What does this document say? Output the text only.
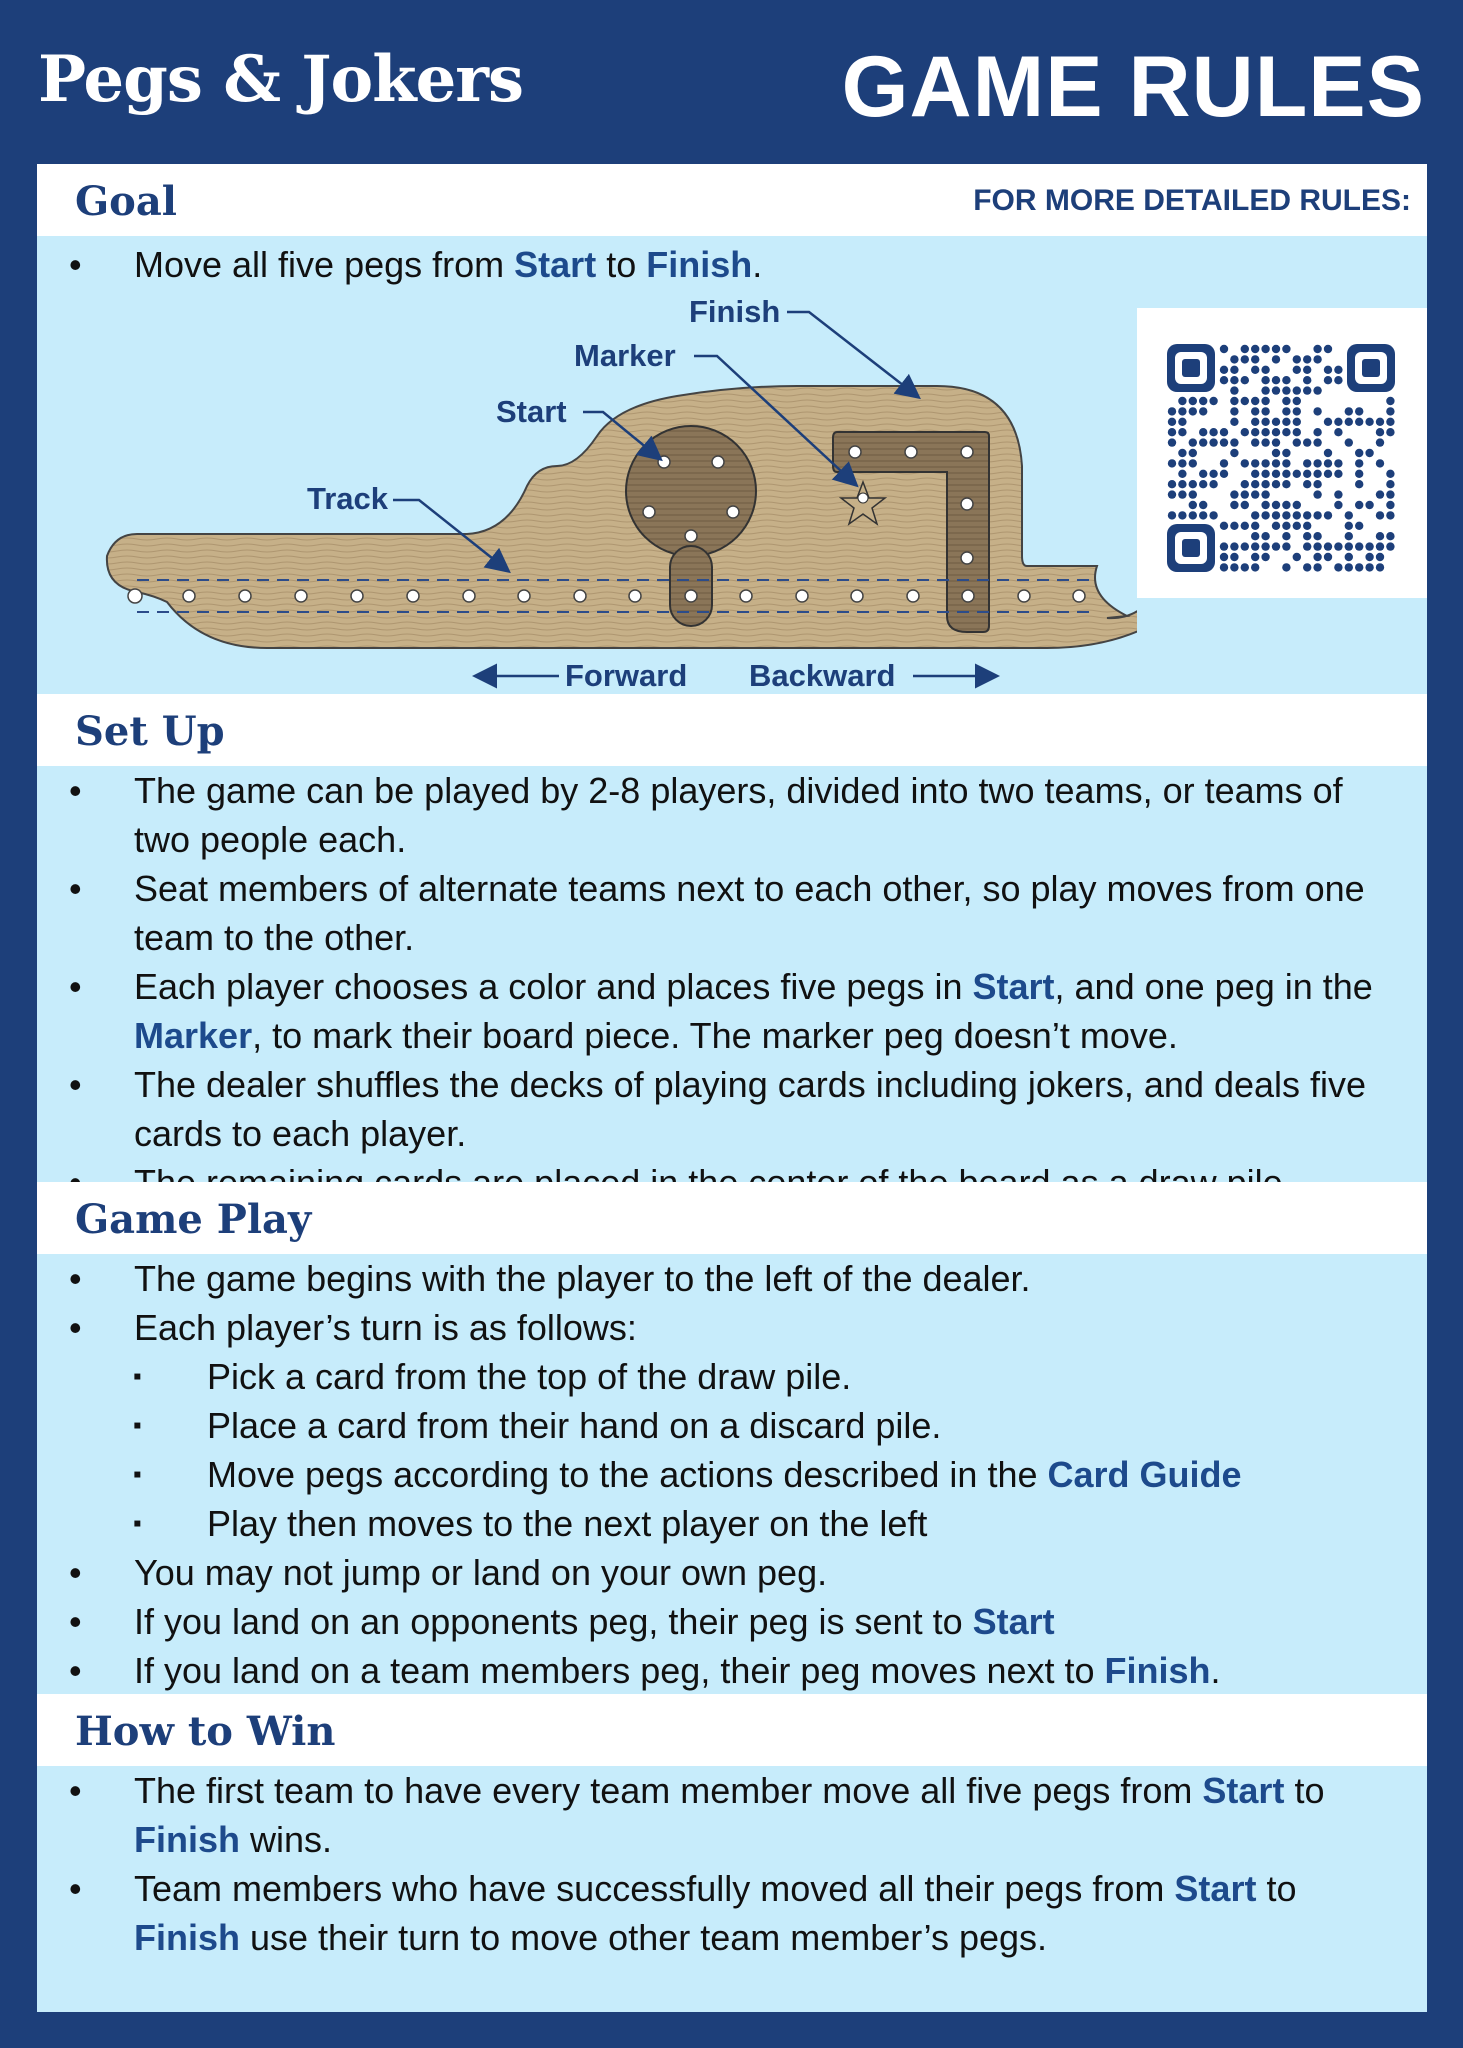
Pegs & Jokers	GAME RULES
Goal	FOR MORE DETAILED RULES:
• Move all five pegs from Start to Finish.
Finish
Marker
Start
Track
Forward Backward
Set Up
• The game can be played by 2-8 players, divided into two teams, or teams of two people each.
• Seat members of alternate teams next to each other, so play moves from one team to the other.
• Each player chooses a color and places five pegs in Start, and one peg in the Marker, to mark their board piece. The marker peg doesn’t move.
• The dealer shuffles the decks of playing cards including jokers, and deals five cards to each player.
•
Game Play
• The game begins with the player to the left of the dealer.
• Each player’s turn is as follows:
▪ Pick a card from the top of the draw pile.
▪ Place a card from their hand on a discard pile.
▪ Move pegs according to the actions described in the Card Guide
▪ Play then moves to the next player on the left
• You may not jump or land on your own peg.
• If you land on an opponents peg, their peg is sent to Start
• If you land on a team members peg, their peg moves next to Finish.
How to Win
• The first team to have every team member move all five pegs from Start to Finish wins.
• Team members who have successfully moved all their pegs from Start to Finish use their turn to move other team member’s pegs.
